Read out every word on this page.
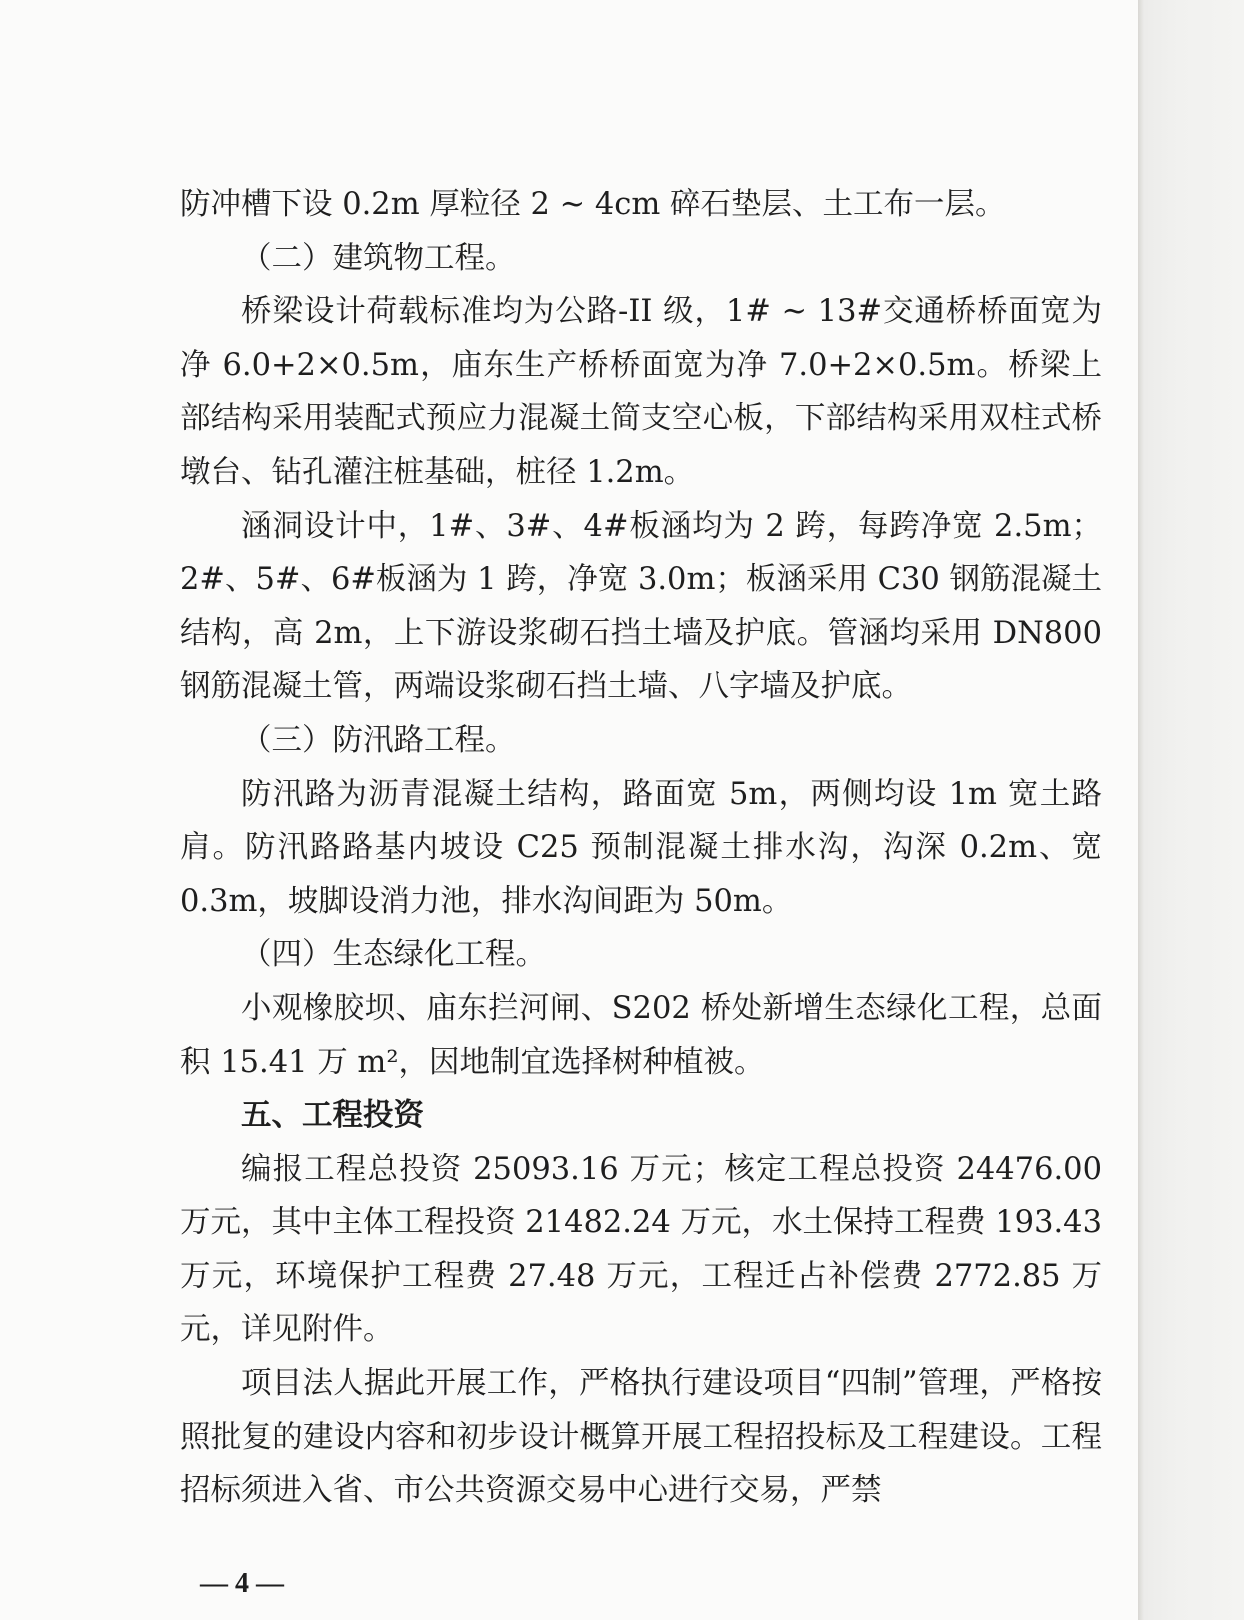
防冲槽下设 0.2m 厚粒径 2 ~ 4cm 碎石垫层、土工布一层。

（二）建筑物工程。

桥梁设计荷载标准均为公路-II 级，1# ~ 13#交通桥桥面宽为净 6.0+2×0.5m，庙东生产桥桥面宽为净 7.0+2×0.5m。桥梁上部结构采用装配式预应力混凝土简支空心板，下部结构采用双柱式桥墩台、钻孔灌注桩基础，桩径 1.2m。

涵洞设计中，1#、3#、4#板涵均为 2 跨，每跨净宽 2.5m； 2#、5#、6#板涵为 1 跨，净宽 3.0m；板涵采用 C30 钢筋混凝土结构，高 2m，上下游设浆砌石挡土墙及护底。管涵均采用 DN800 钢筋混凝土管，两端设浆砌石挡土墙、八字墙及护底。

（三）防汛路工程。

防汛路为沥青混凝土结构，路面宽 5m，两侧均设 1m 宽土路肩。防汛路路基内坡设 C25 预制混凝土排水沟，沟深 0.2m、宽 0.3m，坡脚设消力池，排水沟间距为 50m。

（四）生态绿化工程。

小观橡胶坝、庙东拦河闸、S202 桥处新增生态绿化工程，总面积 15.41 万 m²，因地制宜选择树种植被。

五、工程投资

编报工程总投资 25093.16 万元；核定工程总投资 24476.00 万元，其中主体工程投资 21482.24 万元，水土保持工程费 193.43 万元，环境保护工程费 27.48 万元，工程迁占补偿费 2772.85 万元，详见附件。

项目法人据此开展工作，严格执行建设项目“四制”管理，严格按照批复的建设内容和初步设计概算开展工程招投标及工程建设。工程招标须进入省、市公共资源交易中心进行交易，严禁

— 4 —
